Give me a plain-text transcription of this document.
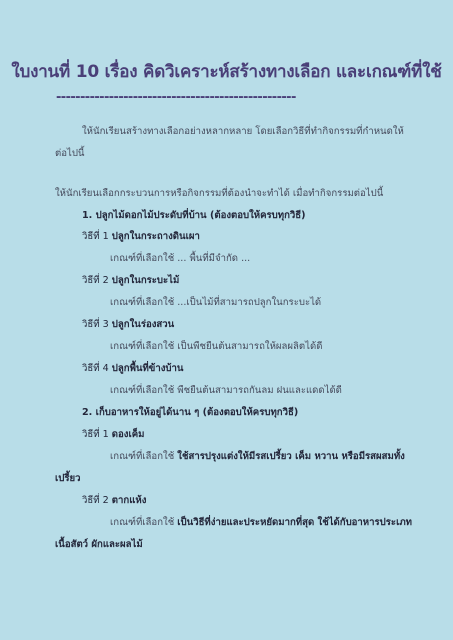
ใบงานที่ 10 เรื่อง คิดวิเคราะห์สร้างทางเลือก และเกณฑ์ที่ใช้
--------------------------------------------------
ให้นักเรียนสร้างทางเลือกอย่างหลากหลาย โดยเลือกวิธีที่ทำกิจกรรมที่กำหนดให้
ต่อไปนี้
ให้นักเรียนเลือกกระบวนการหรือกิจกรรมที่ต้องนำจะทำได้ เมื่อทำกิจกรรมต่อไปนี้
1. ปลูกไม้ดอกไม้ประดับที่บ้าน (ต้องตอบให้ครบทุกวิธี)
วิธีที่ 1 ปลูกในกระถางดินเผา
เกณฑ์ที่เลือกใช้ ... พื้นที่มีจำกัด ...
วิธีที่ 2 ปลูกในกระบะไม้
เกณฑ์ที่เลือกใช้ ...เป็นไม้ที่สามารถปลูกในกระบะได้
วิธีที่ 3 ปลูกในร่องสวน
เกณฑ์ที่เลือกใช้ เป็นพืชยืนต้นสามารถให้ผลผลิตได้ดี
วิธีที่ 4 ปลูกพื้นที่ข้างบ้าน
เกณฑ์ที่เลือกใช้ พืชยืนต้นสามารถกันลม ฝนและแดดได้ดี
2. เก็บอาหารให้อยู่ได้นาน ๆ (ต้องตอบให้ครบทุกวิธี)
วิธีที่ 1 ดองเค็ม
เกณฑ์ที่เลือกใช้ ใช้สารปรุงแต่งให้มีรสเปรี้ยว เค็ม หวาน หรือมีรสผสมทั้ง
เปรี้ยว
วิธีที่ 2 ตากแห้ง
เกณฑ์ที่เลือกใช้ เป็นวิธีที่ง่ายและประหยัดมากที่สุด ใช้ได้กับอาหารประเภท
เนื้อสัตว์ ผักและผลไม้
